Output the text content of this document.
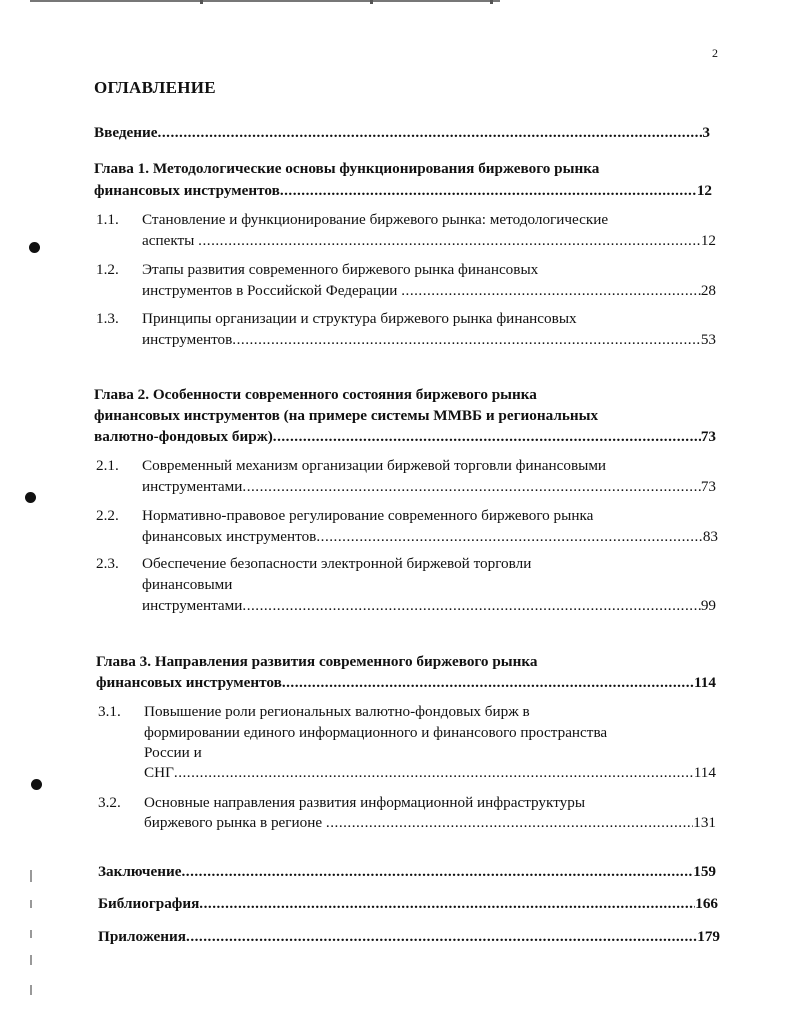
2
ОГЛАВЛЕНИЕ
Введение .....	3
Глава 1. Методологические основы функционирования биржевого рынка
финансовых инструментов .....	12
1.1. Становление и функционирование биржевого рынка: методологические
аспекты
.....	12
1.2. Этапы развития современного биржевого рынка финансовых
инструментов в Российской Федерации
.....	28
1.3. Принципы организации и структура биржевого рынка финансовых
инструментов .....	53
Глава 2. Особенности современного состояния биржевого рынка
финансовых инструментов (на примере системы ММВБ и региональных
валютно-фондовых бирж) .....	73
2.1. Современный механизм организации биржевой торговли финансовыми
инструментами .....	73
2.2. Нормативно-правовое регулирование современного биржевого рынка
финансовых инструментов .....	83
2.3. Обеспечение безопасности электронной биржевой торговли
финансовыми
инструментами .....	99
Глава 3. Направления развития современного биржевого рынка
финансовых инструментов .....	114
3.1. Повышение роли региональных валютно-фондовых бирж в
формировании единого информационного и финансового пространства
России и
СНГ .....	114
3.2. Основные направления развития информационной инфраструктуры
биржевого рынка в регионе
.....	131
Заключение .....	159
Библиография .....	166
Приложения .....	179
